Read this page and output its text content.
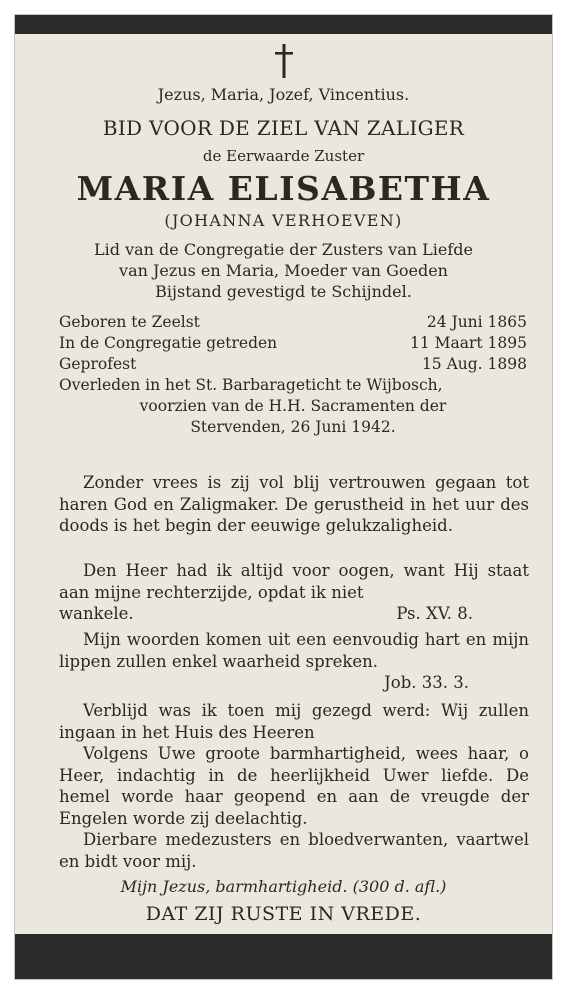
Jezus, Maria, Jozef, Vincentius.
BID VOOR DE ZIEL VAN ZALIGER
de Eerwaarde Zuster
MARIA ELISABETHA
(JOHANNA VERHOEVEN)
Lid van de Congregatie der Zusters van Liefde
van Jezus en Maria, Moeder van Goeden
Bijstand gevestigd te Schijndel.
Geboren te Zeelst	24 Juni 1865
In de Congregatie getreden	11 Maart 1895
Geprofest	15 Aug. 1898
Overleden in het St. Barbarageticht te Wijbosch,
voorzien van de H.H. Sacramenten der
Stervenden, 26 Juni 1942.
Zonder vrees is zij vol blij vertrouwen gegaan tot haren God en Zaligmaker. De gerustheid in het uur des doods is het begin der eeuwige gelukzaligheid.
Den Heer had ik altijd voor oogen, want Hij staat aan mijne rechterzijde, opdat ik niet
wankele.	Ps. XV. 8.
Mijn woorden komen uit een eenvoudig hart en mijn lippen zullen enkel waarheid spreken.
Job. 33. 3.
Verblijd was ik toen mij gezegd werd: Wij zullen ingaan in het Huis des Heeren
Volgens Uwe groote barmhartigheid, wees haar, o Heer, indachtig in de heerlijkheid Uwer liefde. De hemel worde haar geopend en aan de vreugde der Engelen worde zij deelachtig.
Dierbare medezusters en bloedverwanten, vaartwel en bidt voor mij.
Mijn Jezus, barmhartigheid. (300 d. afl.)
DAT ZIJ RUSTE IN VREDE.
